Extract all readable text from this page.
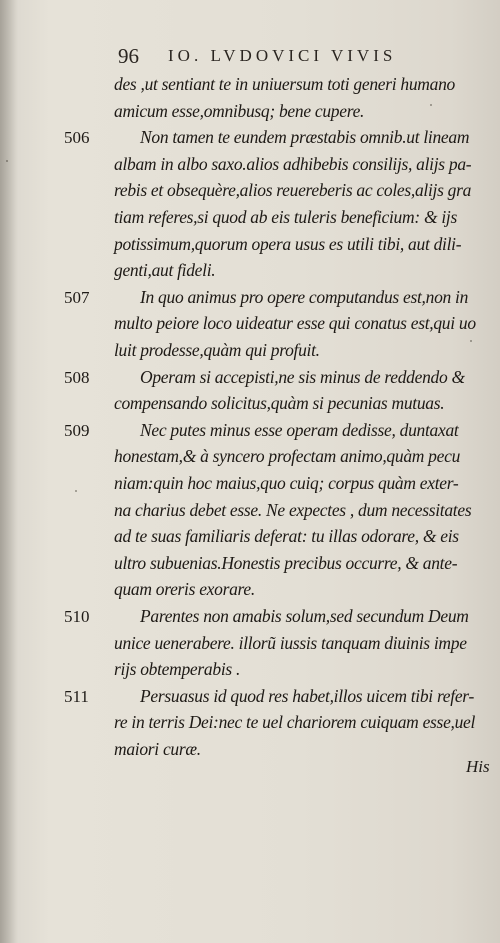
96 IO. LVDOVICI VIVIS
des ,ut sentiant te in uniuersum toti generi humano
amicum esse,omnibusq; bene cupere.
506	Non tamen te eundem præstabis omnib.ut lineam
albam in albo saxo.alios adhibebis consilijs, alijs pa-
rebis et obsequère,alios reuereberis ac coles,alijs gra
tiam referes,si quod ab eis tuleris beneficium: & ijs
potissimum,quorum opera usus es utili tibi, aut dili-
genti,aut fideli.
507	In quo animus pro opere computandus est,non in
multo peiore loco uideatur esse qui conatus est,qui uo
luit prodesse,quàm qui profuit.
508	Operam si accepisti,ne sis minus de reddendo &
compensando solicitus,quàm si pecunias mutuas.
509	Nec putes minus esse operam dedisse, duntaxat
honestam,& à syncero profectam animo,quàm pecu
niam:quin hoc maius,quo cuiq; corpus quàm exter-
na charius debet esse. Ne expectes , dum necessitates
ad te suas familiaris deferat: tu illas odorare, & eis
ultro subuenias.Honestis precibus occurre, & ante-
quam oreris exorare.
510	Parentes non amabis solum,sed secundum Deum
unice uenerabere. illorũ iussis tanquam diuinis impe
rijs obtemperabis .
511	Persuasus id quod res habet,illos uicem tibi refer-
re in terris Dei:nec te uel chariorem cuiquam esse,uel
maiori curæ.
His
